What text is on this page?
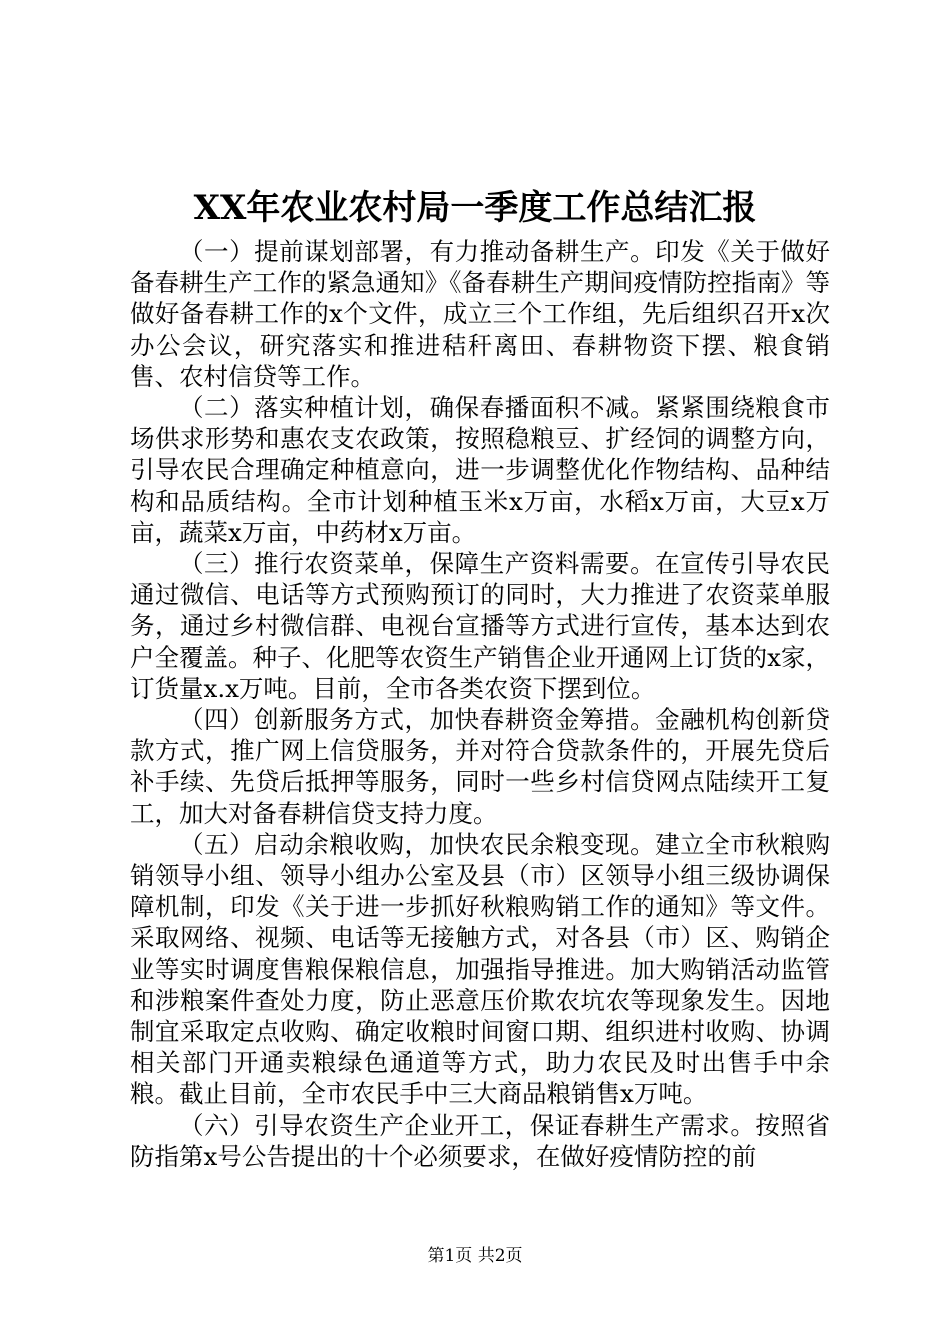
XX年农业农村局一季度工作总结汇报

（一）提前谋划部署，有力推动备耕生产。印发《关于做好备春耕生产工作的紧急通知》《备春耕生产期间疫情防控指南》等做好备春耕工作的x个文件，成立三个工作组，先后组织召开x次办公会议，研究落实和推进秸秆离田、春耕物资下摆、粮食销售、农村信贷等工作。

（二）落实种植计划，确保春播面积不减。紧紧围绕粮食市场供求形势和惠农支农政策，按照稳粮豆、扩经饲的调整方向，引导农民合理确定种植意向，进一步调整优化作物结构、品种结构和品质结构。全市计划种植玉米x万亩，水稻x万亩，大豆x万亩，蔬菜x万亩，中药材x万亩。

（三）推行农资菜单，保障生产资料需要。在宣传引导农民通过微信、电话等方式预购预订的同时，大力推进了农资菜单服务，通过乡村微信群、电视台宣播等方式进行宣传，基本达到农户全覆盖。种子、化肥等农资生产销售企业开通网上订货的x家，订货量x.x万吨。目前，全市各类农资下摆到位。

（四）创新服务方式，加快春耕资金筹措。金融机构创新贷款方式，推广网上信贷服务，并对符合贷款条件的，开展先贷后补手续、先贷后抵押等服务，同时一些乡村信贷网点陆续开工复工，加大对备春耕信贷支持力度。

（五）启动余粮收购，加快农民余粮变现。建立全市秋粮购销领导小组、领导小组办公室及县（市）区领导小组三级协调保障机制，印发《关于进一步抓好秋粮购销工作的通知》等文件。采取网络、视频、电话等无接触方式，对各县（市）区、购销企业等实时调度售粮保粮信息，加强指导推进。加大购销活动监管和涉粮案件查处力度，防止恶意压价欺农坑农等现象发生。因地制宜采取定点收购、确定收粮时间窗口期、组织进村收购、协调相关部门开通卖粮绿色通道等方式，助力农民及时出售手中余粮。截止目前，全市农民手中三大商品粮销售x万吨。

（六）引导农资生产企业开工，保证春耕生产需求。按照省防指第x号公告提出的十个必须要求，在做好疫情防控的前

第1页 共2页
